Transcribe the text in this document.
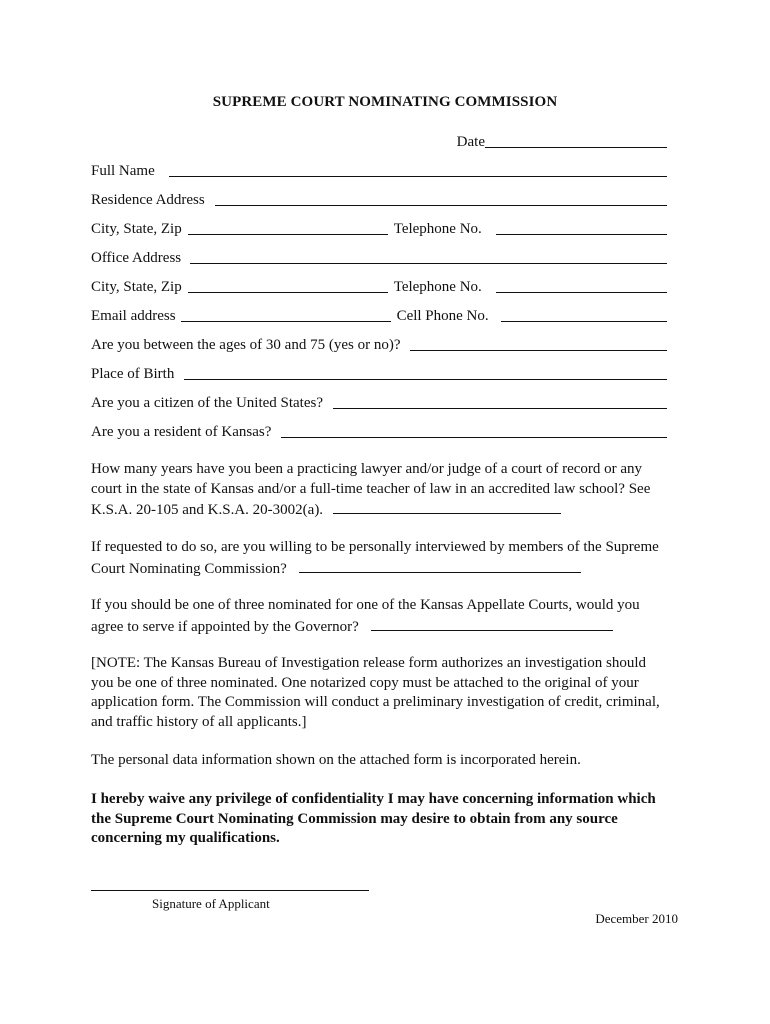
SUPREME COURT NOMINATING COMMISSION
Date
Full Name
Residence Address
City, State, Zip	Telephone No.
Office Address
City, State, Zip	Telephone No.
Email address	Cell Phone No.
Are you between the ages of 30 and 75 (yes or no)?
Place of Birth
Are you a citizen of the United States?
Are you a resident of Kansas?
How many years have you been a practicing lawyer and/or judge of a court of record or any court in the state of Kansas and/or a full-time teacher of law in an accredited law school? See K.S.A. 20-105 and K.S.A. 20-3002(a).
If requested to do so, are you willing to be personally interviewed by members of the Supreme Court Nominating Commission?
If you should be one of three nominated for one of the Kansas Appellate Courts, would you agree to serve if appointed by the Governor?
[NOTE: The Kansas Bureau of Investigation release form authorizes an investigation should you be one of three nominated. One notarized copy must be attached to the original of your application form. The Commission will conduct a preliminary investigation of credit, criminal, and traffic history of all applicants.]
The personal data information shown on the attached form is incorporated herein.
I hereby waive any privilege of confidentiality I may have concerning information which the Supreme Court Nominating Commission may desire to obtain from any source concerning my qualifications.
Signature of Applicant
December 2010
